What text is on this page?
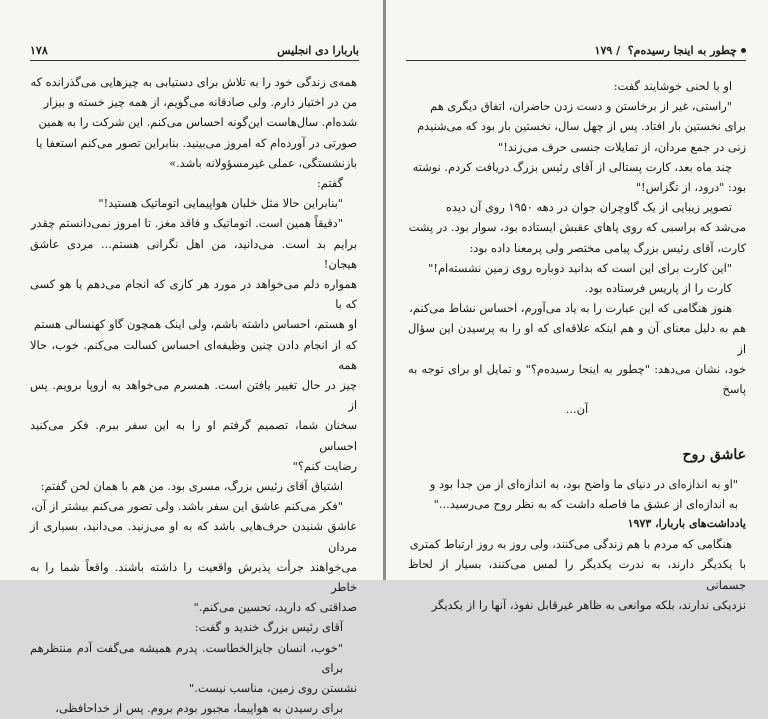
باربارا دی انجلیس
۱۷۸

همه‌ی زندگی خود را به تلاش برای دستیابی به چیزهایی می‌گذرانده که

من در اختیار دارم. ولی صادقانه می‌گویم، از همه چیز خسته و بیزار

شده‌ام. سال‌هاست این‌گونه احساس می‌کنم. این شرکت را به همین

صورتی در آورده‌ام که امروز می‌بینید. بنابراین تصور می‌کنم استعفا یا

بازنشستگی، عملی غیرمسؤولانه باشد.»

گفتم:

"بنابراین حالا مثل خلبان هواپیمایی اتوماتیک هستید!"

"دقیقاً همین است. اتوماتیک و فاقد مغز. تا امروز نمی‌دانستم چقدر

برایم بد است. می‌دانید، من اهل نگرانی هستم... مردی عاشق هیجان!

همواره دلم می‌خواهد در مورد هر کاری که انجام می‌دهم یا هو کسی که با

او هستم، احساس داشته باشم، ولی اینک همچون گاو کهنسالی هستم

که از انجام دادن چنین وظیفه‌ای احساس کسالت می‌کنم. خوب، حالا همه

چیز در حال تغییر یافتن است. همسرم می‌خواهد به اروپا برویم. پس از

سخنان شما، تصمیم گرفتم او را به این سفر ببرم. فکر می‌کنید احساس

رضایت کنم؟"

اشتیاق آقای رئیس بزرگ، مسری بود. من هم با همان لحن گفتم:

"فکر می‌کنم عاشق این سفر باشد. ولی تصور می‌کنم بیشتر از آن،

عاشق شنیدن حرف‌هایی باشد که به او می‌زنید. می‌دانید، بسیاری از مردان

می‌خواهند جرأت پذیرش واقعیت را داشته باشند. واقعاً شما را به خاطر

صداقتی که دارید، تحسین می‌کنم."

آقای رئیس بزرگ خندید و گفت:

"خوب، انسان جایزالخطاست. پدرم همیشه می‌گفت آدم منتظرهم برای

نشستن روی زمین، مناسب نیست."

برای رسیدن به هواپیما، مجبور بودم بروم. پس از خداحافظی،

چطور به اینجا رسیده‌م؟  / ۱۷۹

او با لحنی خوشایند گفت:

"راستی، غیر از برخاستن و دست زدن حاضران، اتفاق دیگری هم

برای نخستین بار افتاد. پس از چهل سال، نخستین بار بود که می‌شنیدم

زنی در جمع مردان، از تمایلات جنسی حرف می‌زند!"

چند ماه بعد، کارت پستالی از آقای رئیس بزرگ دریافت کردم. نوشته

بود: "درود، از تگزاس!"

تصویر زیبایی از یک گاوچران جوان در دهه ۱۹۵۰ روی آن دیده

می‌شد که براسبی که روی پاهای عقبش ایستاده بود، سوار بود. در پشت

کارت، آقای رئیس بزرگ پیامی مختصر ولی پرمعنا داده بود:

"این کارت برای این است که بدانید دوباره روی زمین نشسته‌ام!"

کارت را از پاریس فرستاده بود.

هنوز هنگامی که این عبارت را به یاد می‌آورم، احساس نشاط می‌کنم،

هم به دلیل معنای آن و هم اینکه علاقه‌ای که او را به پرسیدن این سؤال از

خود، نشان می‌دهد: "چطور به اینجا رسیده‌م؟" و تمایل او برای توجه به پاسخ

آن...

عاشق روح

"او به اندازه‌ای در دنیای ما واضح بود، به اندازه‌ای از من جدا بود و

به اندازه‌ای از عشق ما فاصله داشت که به نظر روح می‌رسید..."

یادداشت‌های باربارا، ۱۹۷۳

هنگامی که مردم با هم زندگی می‌کنند، ولی روز به روز ارتباط کمتری

با یکدیگر دارند، به ندرت یکدیگر را لمس می‌کنند، بسیار از لحاظ جسمانی

نزدیکی ندارند، بلکه موانعی به ظاهر غیرقابل نفوذ، آنها را از یکدیگر
